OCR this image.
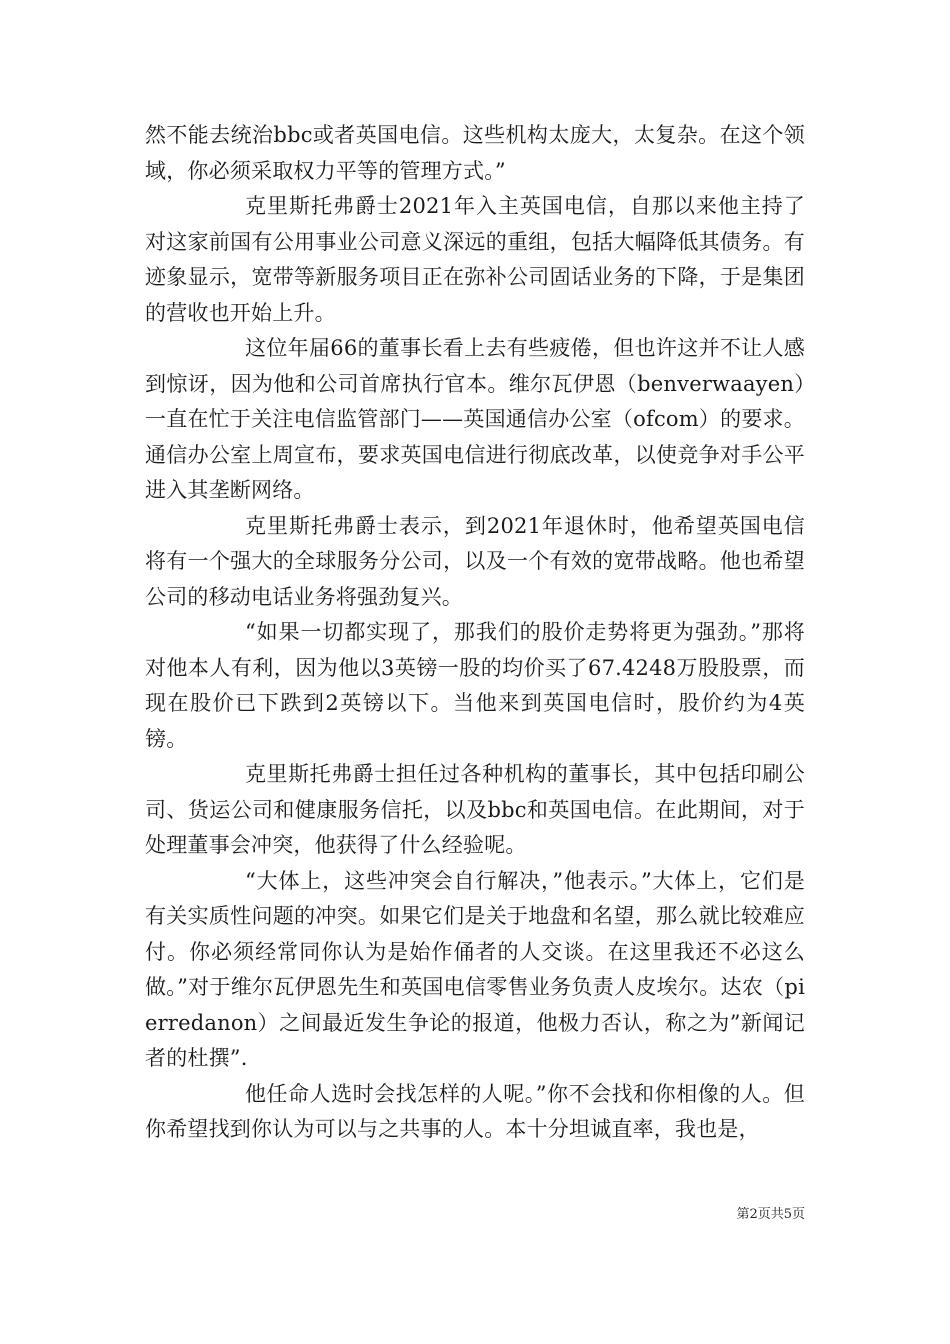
然不能去统治bbc或者英国电信。这些机构太庞大，太复杂。在这个领域，你必须采取权力平等的管理方式。”

克里斯托弗爵士2021年入主英国电信，自那以来他主持了对这家前国有公用事业公司意义深远的重组，包括大幅降低其债务。有迹象显示，宽带等新服务项目正在弥补公司固话业务的下降，于是集团的营收也开始上升。

这位年届66的董事长看上去有些疲倦，但也许这并不让人感到惊讶，因为他和公司首席执行官本。维尔瓦伊恩（benverwaayen）一直在忙于关注电信监管部门——英国通信办公室（ofcom）的要求。通信办公室上周宣布，要求英国电信进行彻底改革，以使竞争对手公平进入其垄断网络。

克里斯托弗爵士表示，到2021年退休时，他希望英国电信将有一个强大的全球服务分公司，以及一个有效的宽带战略。他也希望公司的移动电话业务将强劲复兴。

“如果一切都实现了，那我们的股价走势将更为强劲。”那将对他本人有利，因为他以3英镑一股的均价买了67.4248万股股票，而现在股价已下跌到2英镑以下。当他来到英国电信时，股价约为4英镑。

克里斯托弗爵士担任过各种机构的董事长，其中包括印刷公司、货运公司和健康服务信托，以及bbc和英国电信。在此期间，对于处理董事会冲突，他获得了什么经验呢。

“大体上，这些冲突会自行解决，”他表示。”大体上，它们是有关实质性问题的冲突。如果它们是关于地盘和名望，那么就比较难应付。你必须经常同你认为是始作俑者的人交谈。在这里我还不必这么做。”对于维尔瓦伊恩先生和英国电信零售业务负责人皮埃尔。达农（pierredanon）之间最近发生争论的报道，他极力否认，称之为”新闻记者的杜撰”.

他任命人选时会找怎样的人呢。”你不会找和你相像的人。但你希望找到你认为可以与之共事的人。本十分坦诚直率，我也是，

第2页共5页
